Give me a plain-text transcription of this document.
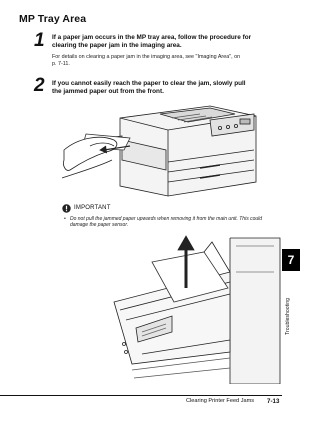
MP Tray Area
1 If a paper jam occurs in the MP tray area, follow the procedure for
clearing the paper jam in the imaging area.
For details on clearing a paper jam in the imaging area, see "Imaging Area", on
p. 7-11.
2 If you cannot easily reach the paper to clear the jam, slowly pull
the jammed paper out from the front.
IMPORTANT
• Do not pull the jammed paper upwards when removing it from the main unit. This could
damage the paper sensor.
7
Troubleshooting
Clearing Printer Feed Jams 7-13
